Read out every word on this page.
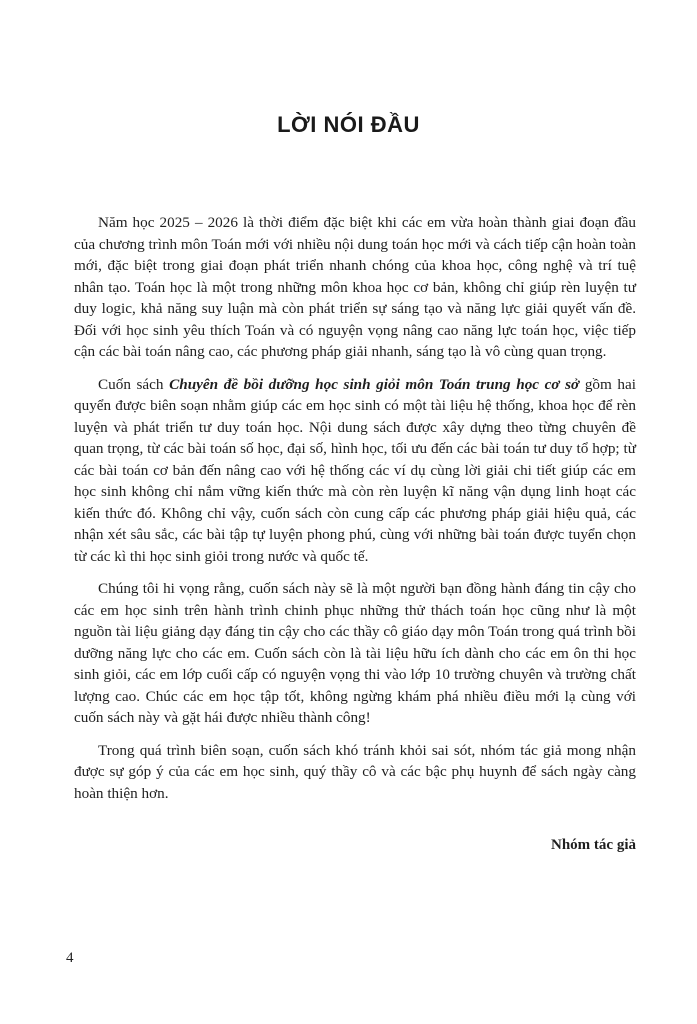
LỜI NÓI ĐẦU

Năm học 2025 – 2026 là thời điểm đặc biệt khi các em vừa hoàn thành giai đoạn đầu của chương trình môn Toán mới với nhiều nội dung toán học mới và cách tiếp cận hoàn toàn mới, đặc biệt trong giai đoạn phát triển nhanh chóng của khoa học, công nghệ và trí tuệ nhân tạo. Toán học là một trong những môn khoa học cơ bản, không chỉ giúp rèn luyện tư duy logic, khả năng suy luận mà còn phát triển sự sáng tạo và năng lực giải quyết vấn đề. Đối với học sinh yêu thích Toán và có nguyện vọng nâng cao năng lực toán học, việc tiếp cận các bài toán nâng cao, các phương pháp giải nhanh, sáng tạo là vô cùng quan trọng.

Cuốn sách Chuyên đề bồi dưỡng học sinh giỏi môn Toán trung học cơ sở gồm hai quyển được biên soạn nhằm giúp các em học sinh có một tài liệu hệ thống, khoa học để rèn luyện và phát triển tư duy toán học. Nội dung sách được xây dựng theo từng chuyên đề quan trọng, từ các bài toán số học, đại số, hình học, tối ưu đến các bài toán tư duy tổ hợp; từ các bài toán cơ bản đến nâng cao với hệ thống các ví dụ cùng lời giải chi tiết giúp các em học sinh không chỉ nắm vững kiến thức mà còn rèn luyện kĩ năng vận dụng linh hoạt các kiến thức đó. Không chỉ vậy, cuốn sách còn cung cấp các phương pháp giải hiệu quả, các nhận xét sâu sắc, các bài tập tự luyện phong phú, cùng với những bài toán được tuyển chọn từ các kì thi học sinh giỏi trong nước và quốc tế.

Chúng tôi hi vọng rằng, cuốn sách này sẽ là một người bạn đồng hành đáng tin cậy cho các em học sinh trên hành trình chinh phục những thử thách toán học cũng như là một nguồn tài liệu giảng dạy đáng tin cậy cho các thầy cô giáo dạy môn Toán trong quá trình bồi dưỡng năng lực cho các em. Cuốn sách còn là tài liệu hữu ích dành cho các em ôn thi học sinh giỏi, các em lớp cuối cấp có nguyện vọng thi vào lớp 10 trường chuyên và trường chất lượng cao. Chúc các em học tập tốt, không ngừng khám phá nhiều điều mới lạ cùng với cuốn sách này và gặt hái được nhiều thành công!

Trong quá trình biên soạn, cuốn sách khó tránh khỏi sai sót, nhóm tác giả mong nhận được sự góp ý của các em học sinh, quý thầy cô và các bậc phụ huynh để sách ngày càng hoàn thiện hơn.

Nhóm tác giả
4
